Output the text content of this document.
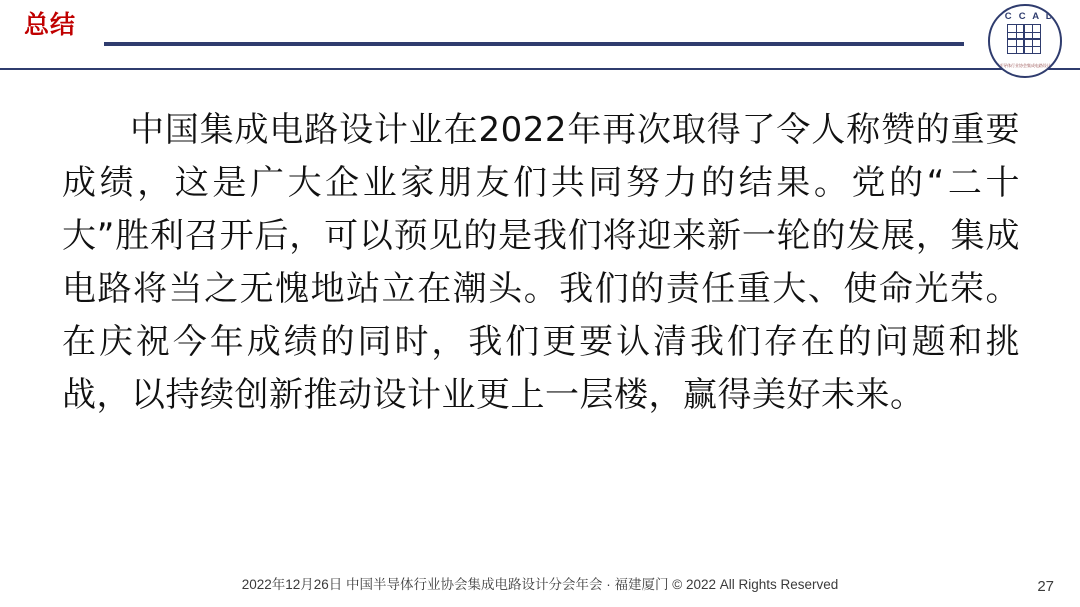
总结	I C C A D
中国半导体行业协会集成电路设计分会
中国集成电路设计业在2022年再次取得了令人称赞的重要成绩，这是广大企业家朋友们共同努力的结果。党的“二十大”胜利召开后，可以预见的是我们将迎来新一轮的发展，集成电路将当之无愧地站立在潮头。我们的责任重大、使命光荣。在庆祝今年成绩的同时，我们更要认清我们存在的问题和挑战，以持续创新推动设计业更上一层楼，赢得美好未来。
2022年12月26日 中国半导体行业协会集成电路设计分会年会 · 福建厦门 © 2022 All Rights Reserved	27
